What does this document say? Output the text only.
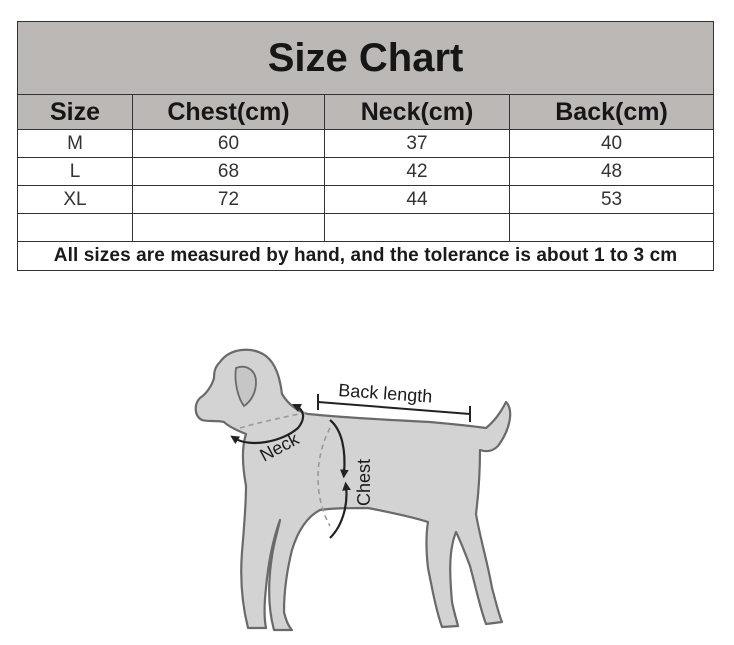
Size Chart			
Size	Chest(cm)	Neck(cm)	Back(cm)
M	60	37	40
L	68	42	48
XL	72	44	53

All sizes are measured by hand, and the tolerance is about 1 to 3 cm			
Back length
Neck
Chest
